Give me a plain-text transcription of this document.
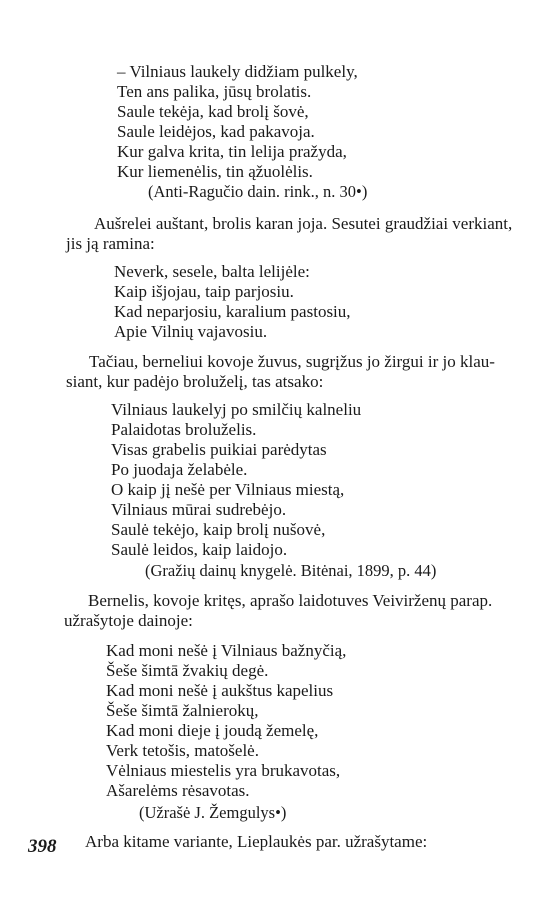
– Vilniaus laukely didžiam pulkely,
Ten ans palika, jūsų brolatis.
Saule tekėja, kad brolį šovė,
Saule leidėjos, kad pakavoja.
Kur galva krita, tin lelija pražyda,
Kur liemenėlis, tin ąžuolėlis.
(Anti-Ragučio dain. rink., n. 30•)
Aušrelei auštant, brolis karan joja. Sesutei graudžiai verkiant,
jis ją ramina:
Neverk, sesele, balta lelijėle:
Kaip išjojau, taip parjosiu.
Kad neparjosiu, karalium pastosiu,
Apie Vilnių vajavosiu.
Tačiau, berneliui kovoje žuvus, sugrįžus jo žirgui ir jo klau-
siant, kur padėjo broluželį, tas atsako:
Vilniaus laukelyj po smilčių kalneliu
Palaidotas broluželis.
Visas grabelis puikiai parėdytas
Po juodaja želabėle.
O kaip jį nešė per Vilniaus miestą,
Vilniaus mūrai sudrebėjo.
Saulė tekėjo, kaip brolį nušovė,
Saulė leidos, kaip laidojo.
(Gražių dainų knygelė. Bitėnai, 1899, p. 44)
Bernelis, kovoje kritęs, aprašo laidotuves Veivirženų parap.
užrašytoje dainoje:
Kad moni nešė į Vilniaus bažnyčią,
Šeše šimtā žvakių degė.
Kad moni nešė į aukštus kapelius
Šeše šimtā žalnierokų,
Kad moni dieje į joudą žemelę,
Verk tetošis, matošelė.
Vėlniaus miestelis yra brukavotas,
Ašarelėms rėsavotas.
(Užrašė J. Žemgulys•)
Arba kitame variante, Lieplaukės par. užrašytame:
398
